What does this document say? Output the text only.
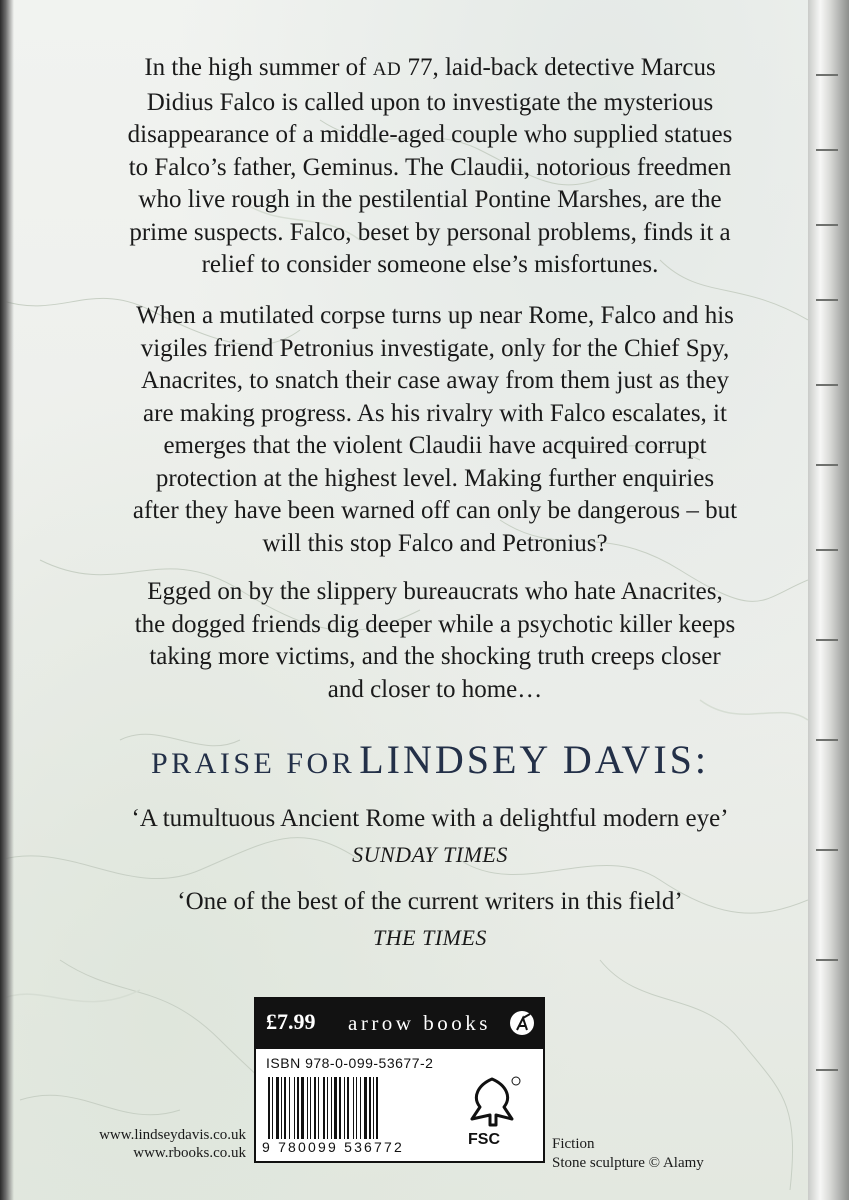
In the high summer of AD 77, laid-back detective Marcus
Didius Falco is called upon to investigate the mysterious
disappearance of a middle-aged couple who supplied statues
to Falco’s father, Geminus. The Claudii, notorious freedmen
who live rough in the pestilential Pontine Marshes, are the
prime suspects. Falco, beset by personal problems, finds it a
relief to consider someone else’s misfortunes.

When a mutilated corpse turns up near Rome, Falco and his
vigiles friend Petronius investigate, only for the Chief Spy,
Anacrites, to snatch their case away from them just as they
are making progress. As his rivalry with Falco escalates, it
emerges that the violent Claudii have acquired corrupt
protection at the highest level. Making further enquiries
after they have been warned off can only be dangerous – but
will this stop Falco and Petronius?

Egged on by the slippery bureaucrats who hate Anacrites,
the dogged friends dig deeper while a psychotic killer keeps
taking more victims, and the shocking truth creeps closer
and closer to home…

PRAISE FOR LINDSEY DAVIS:

‘A tumultuous Ancient Rome with a delightful modern eye’

SUNDAY TIMES

‘One of the best of the current writers in this field’

THE TIMES

£7.99 arrow books
ISBN 978-0-099-53677-2
9 780099 536772	FSC

www.lindseydavis.co.uk

www.rbooks.co.uk

Fiction

Stone sculpture © Alamy
